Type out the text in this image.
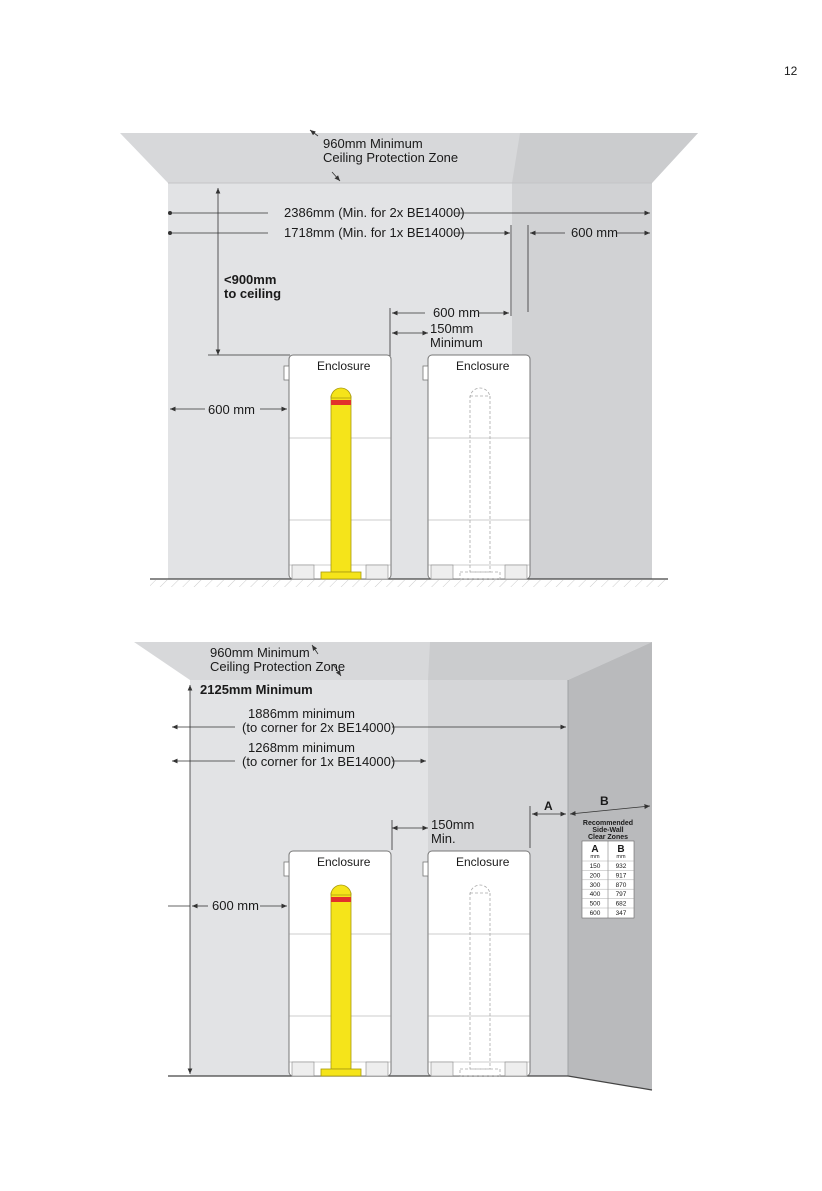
960mm Minimum
Ceiling Protection Zone
2386mm (Min. for 2x BE14000)
1718mm (Min. for 1x BE14000)	600 mm
<900mm
to ceiling
600 mm
150mm
Minimum
600 mm
Enclosure	Enclosure
960mm Minimum
Ceiling Protection Zone
2125mm Minimum
1886mm minimum
(to corner for 2x BE14000)
1268mm minimum
(to corner for 1x BE14000)
A	B
150mm
Min.
600 mm
Enclosure	Enclosure
Recommended
Side-Wall
Clear Zones
A B
mm	mm
150 932
200 917
300 870
400 797
500 682
600 347
12
